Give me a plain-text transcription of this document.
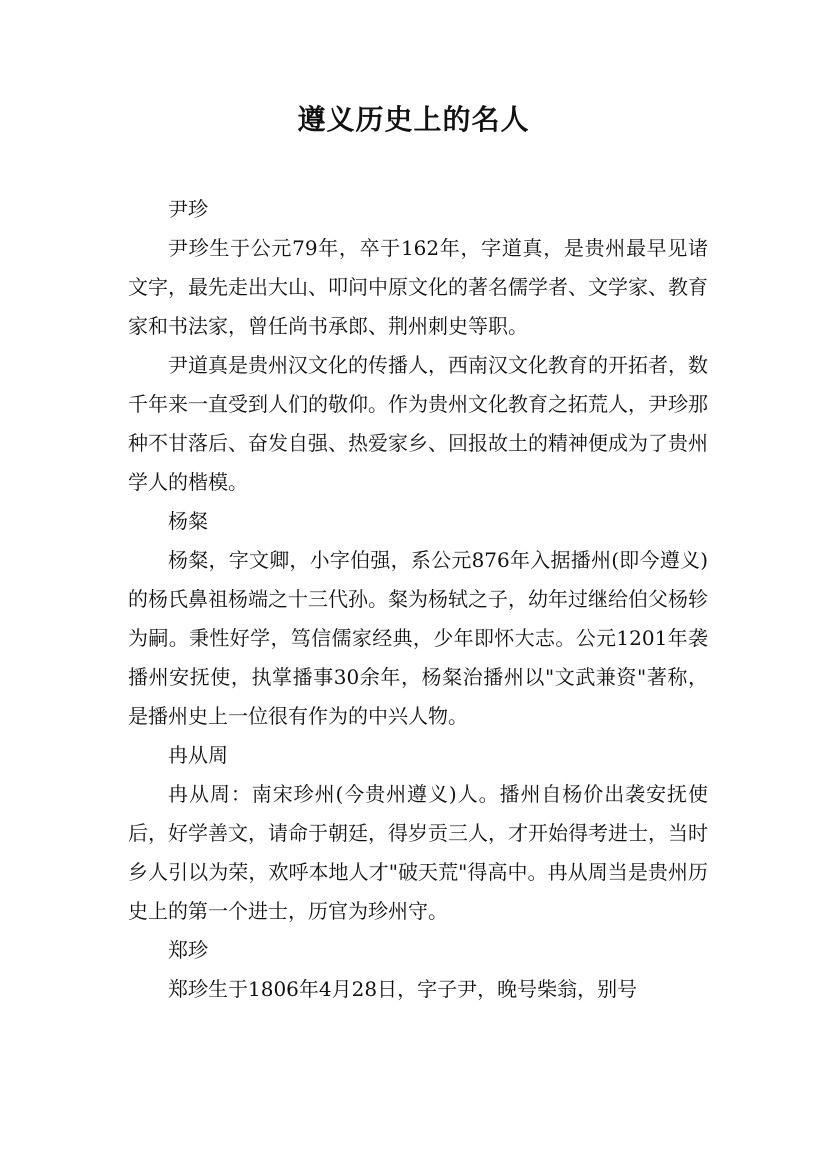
遵义历史上的名人

尹珍

尹珍生于公元79年，卒于162年，字道真，是贵州最早见诸文字，最先走出大山、叩问中原文化的著名儒学者、文学家、教育家和书法家，曾任尚书承郎、荆州刺史等职。

尹道真是贵州汉文化的传播人，西南汉文化教育的开拓者，数千年来一直受到人们的敬仰。作为贵州文化教育之拓荒人，尹珍那种不甘落后、奋发自强、热爱家乡、回报故土的精神便成为了贵州学人的楷模。

杨粲

杨粲，字文卿，小字伯强，系公元876年入据播州(即今遵义)的杨氏鼻祖杨端之十三代孙。粲为杨轼之子，幼年过继给伯父杨轸为嗣。秉性好学，笃信儒家经典，少年即怀大志。公元1201年袭播州安抚使，执掌播事30余年，杨粲治播州以"文武兼资"著称，是播州史上一位很有作为的中兴人物。

冉从周

冉从周：南宋珍州(今贵州遵义)人。播州自杨价出袭安抚使后，好学善文，请命于朝廷，得岁贡三人，才开始得考进士，当时乡人引以为荣，欢呼本地人才"破天荒"得高中。冉从周当是贵州历史上的第一个进士，历官为珍州守。

郑珍

郑珍生于1806年4月28日，字子尹，晚号柴翁，别号
